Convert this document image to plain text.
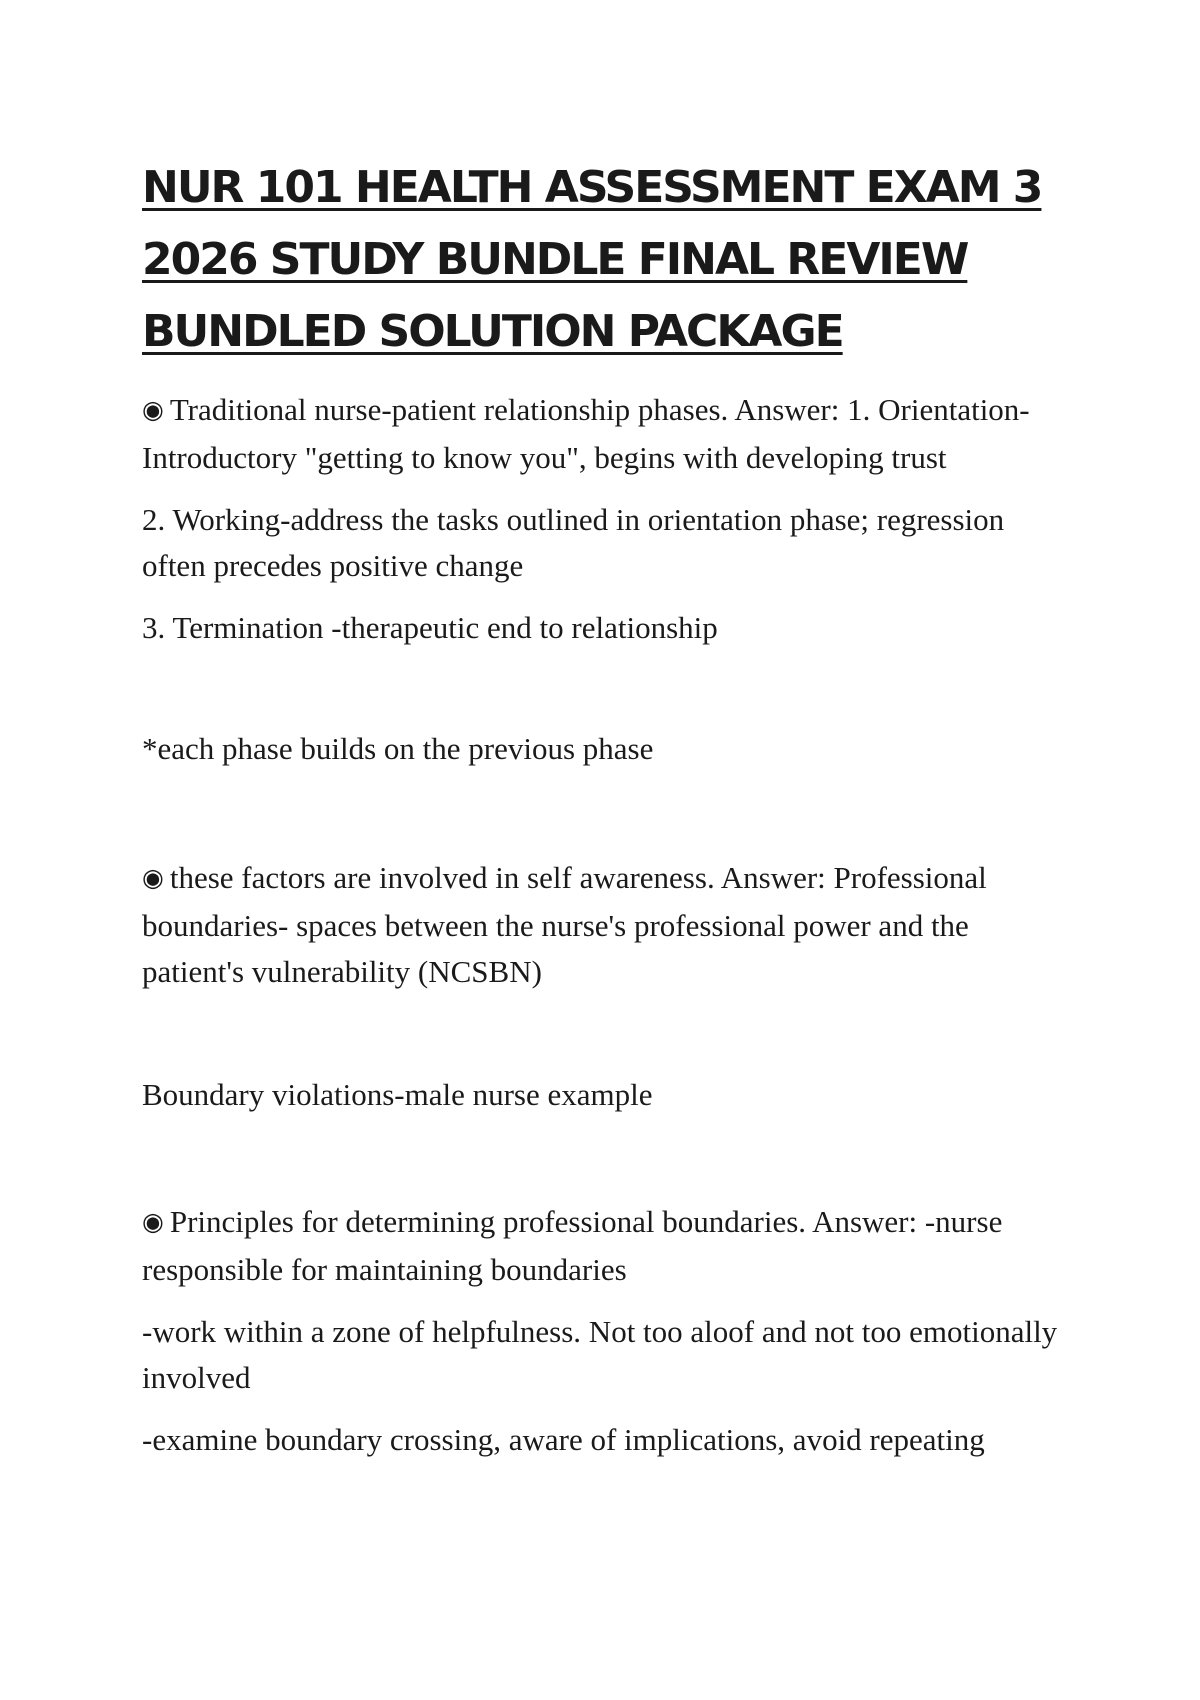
NUR 101 HEALTH ASSESSMENT EXAM 3 2026 STUDY BUNDLE FINAL REVIEW BUNDLED SOLUTION PACKAGE

◉ Traditional nurse-patient relationship phases. Answer: 1. Orientation-Introductory "getting to know you", begins with developing trust

2. Working-address the tasks outlined in orientation phase; regression often precedes positive change

3. Termination -therapeutic end to relationship

*each phase builds on the previous phase

◉ these factors are involved in self awareness. Answer: Professional boundaries- spaces between the nurse's professional power and the patient's vulnerability (NCSBN)

Boundary violations-male nurse example

◉ Principles for determining professional boundaries. Answer: -nurse responsible for maintaining boundaries

-work within a zone of helpfulness. Not too aloof and not too emotionally involved

-examine boundary crossing, aware of implications, avoid repeating
